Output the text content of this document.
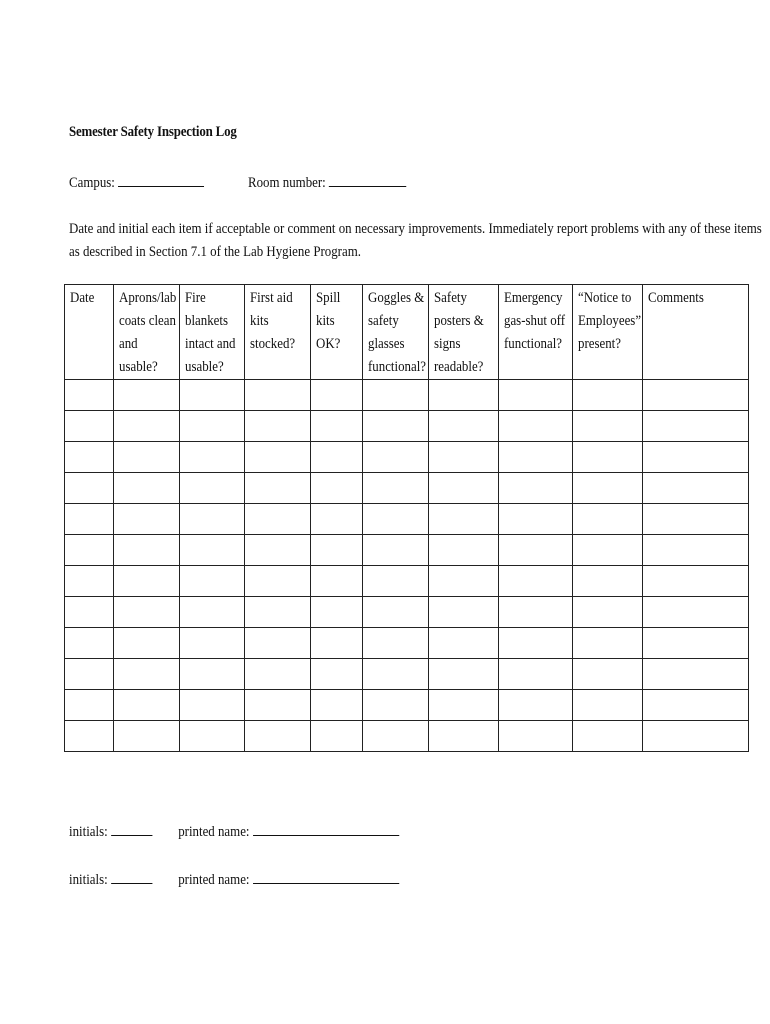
Semester Safety Inspection Log
Campus:	Room number:
Date and initial each item if acceptable or comment on necessary improvements. Immediately report problems with any of these items
as described in Section 7.1 of the Lab Hygiene Program.
Date	Aprons/lab coats clean and usable?	Fire blankets intact and usable?	First aid kits stocked?	Spill kits OK?	Goggles & safety glasses functional?	Safety posters & signs readable?	Emergency gas-shut off functional?	“Notice to Employees” present?	Comments

initials:	printed name:
initials:	printed name:
